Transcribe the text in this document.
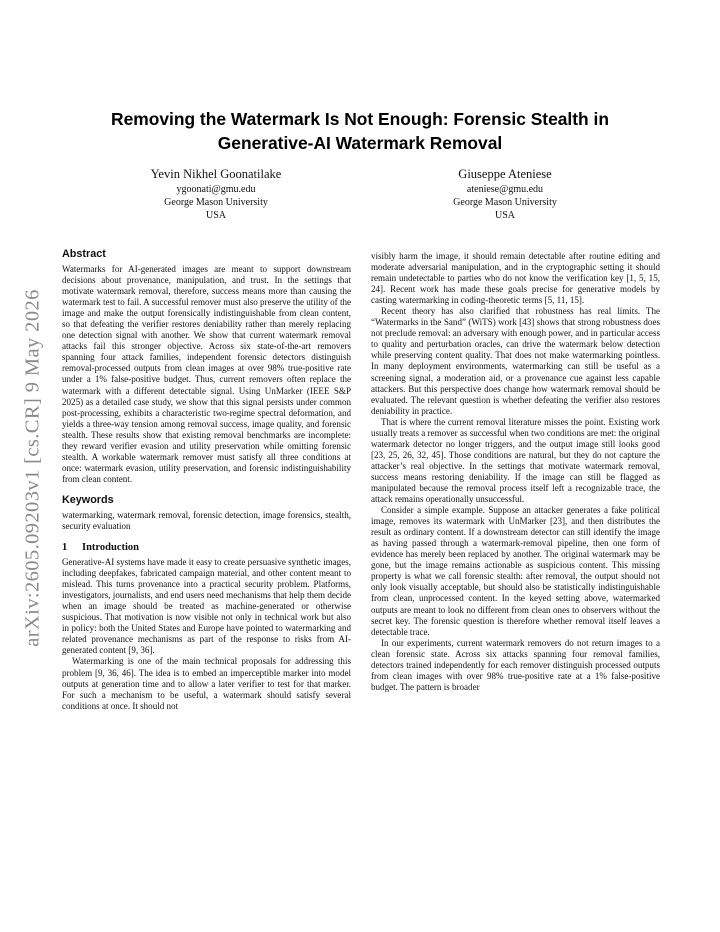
arXiv:2605.09203v1 [cs.CR] 9 May 2026
Removing the Watermark Is Not Enough: Forensic Stealth in Generative-AI Watermark Removal
Yevin Nikhel Goonatilake
ygoonati@gmu.edu
George Mason University
USA
Giuseppe Ateniese
ateniese@gmu.edu
George Mason University
USA
Abstract

Watermarks for AI-generated images are meant to support downstream decisions about provenance, manipulation, and trust. In the settings that motivate watermark removal, therefore, success means more than causing the watermark test to fail. A successful remover must also preserve the utility of the image and make the output forensically indistinguishable from clean content, so that defeating the verifier restores deniability rather than merely replacing one detection signal with another. We show that current watermark removal attacks fail this stronger objective. Across six state-of-the-art removers spanning four attack families, independent forensic detectors distinguish removal-processed outputs from clean images at over 98% true-positive rate under a 1% false-positive budget. Thus, current removers often replace the watermark with a different detectable signal. Using UnMarker (IEEE S&P 2025) as a detailed case study, we show that this signal persists under common post-processing, exhibits a characteristic two-regime spectral deformation, and yields a three-way tension among removal success, image quality, and forensic stealth. These results show that existing removal benchmarks are incomplete: they reward verifier evasion and utility preservation while omitting forensic stealth. A workable watermark remover must satisfy all three conditions at once: watermark evasion, utility preservation, and forensic indistinguishability from clean content.

Keywords

watermarking, watermark removal, forensic detection, image forensics, stealth, security evaluation

1 Introduction

Generative-AI systems have made it easy to create persuasive synthetic images, including deepfakes, fabricated campaign material, and other content meant to mislead. This turns provenance into a practical security problem. Platforms, investigators, journalists, and end users need mechanisms that help them decide when an image should be treated as machine-generated or otherwise suspicious. That motivation is now visible not only in technical work but also in policy: both the United States and Europe have pointed to watermarking and related provenance mechanisms as part of the response to risks from AI-generated content [9, 36].

Watermarking is one of the main technical proposals for addressing this problem [9, 36, 46]. The idea is to embed an imperceptible marker into model outputs at generation time and to allow a later verifier to test for that marker. For such a mechanism to be useful, a watermark should satisfy several conditions at once. It should not

visibly harm the image, it should remain detectable after routine editing and moderate adversarial manipulation, and in the cryptographic setting it should remain undetectable to parties who do not know the verification key [1, 5, 15, 24]. Recent work has made these goals precise for generative models by casting watermarking in coding-theoretic terms [5, 11, 15].

Recent theory has also clarified that robustness has real limits. The “Watermarks in the Sand” (WiTS) work [43] shows that strong robustness does not preclude removal: an adversary with enough power, and in particular access to quality and perturbation oracles, can drive the watermark below detection while preserving content quality. That does not make watermarking pointless. In many deployment environments, watermarking can still be useful as a screening signal, a moderation aid, or a provenance cue against less capable attackers. But this perspective does change how watermark removal should be evaluated. The relevant question is whether defeating the verifier also restores deniability in practice.

That is where the current removal literature misses the point. Existing work usually treats a remover as successful when two conditions are met: the original watermark detector no longer triggers, and the output image still looks good [23, 25, 26, 32, 45]. Those conditions are natural, but they do not capture the attacker’s real objective. In the settings that motivate watermark removal, success means restoring deniability. If the image can still be flagged as manipulated because the removal process itself left a recognizable trace, the attack remains operationally unsuccessful.

Consider a simple example. Suppose an attacker generates a fake political image, removes its watermark with UnMarker [23], and then distributes the result as ordinary content. If a downstream detector can still identify the image as having passed through a watermark-removal pipeline, then one form of evidence has merely been replaced by another. The original watermark may be gone, but the image remains actionable as suspicious content. This missing property is what we call forensic stealth: after removal, the output should not only look visually acceptable, but should also be statistically indistinguishable from clean, unprocessed content. In the keyed setting above, watermarked outputs are meant to look no different from clean ones to observers without the secret key. The forensic question is therefore whether removal itself leaves a detectable trace.

In our experiments, current watermark removers do not return images to a clean forensic state. Across six attacks spanning four removal families, detectors trained independently for each remover distinguish processed outputs from clean images with over 98% true-positive rate at a 1% false-positive budget. The pattern is broader
